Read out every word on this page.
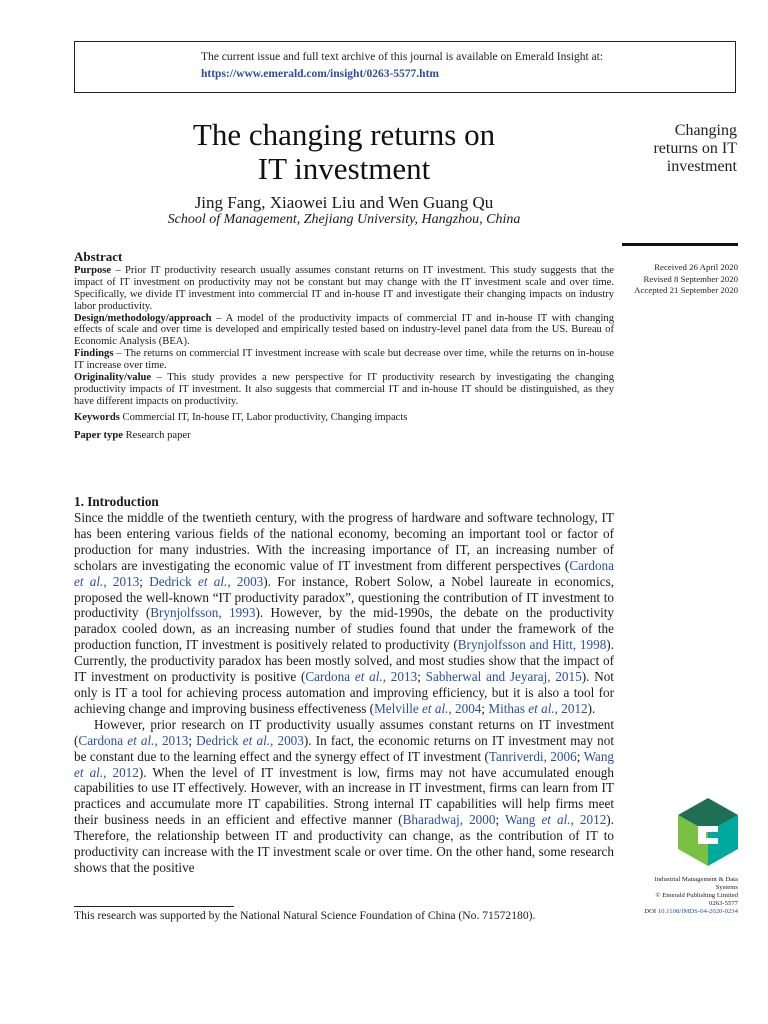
The current issue and full text archive of this journal is available on Emerald Insight at:
https://www.emerald.com/insight/0263-5577.htm
The changing returns on
IT investment
Jing Fang, Xiaowei Liu and Wen Guang Qu
School of Management, Zhejiang University, Hangzhou, China
Changing
returns on IT
investment
Received 26 April 2020
Revised 8 September 2020
Accepted 21 September 2020
Abstract

Purpose – Prior IT productivity research usually assumes constant returns on IT investment. This study suggests that the impact of IT investment on productivity may not be constant but may change with the IT investment scale and over time. Specifically, we divide IT investment into commercial IT and in-house IT and investigate their changing impacts on industry labor productivity.

Design/methodology/approach – A model of the productivity impacts of commercial IT and in-house IT with changing effects of scale and over time is developed and empirically tested based on industry-level panel data from the US. Bureau of Economic Analysis (BEA).

Findings – The returns on commercial IT investment increase with scale but decrease over time, while the returns on in-house IT increase over time.

Originality/value – This study provides a new perspective for IT productivity research by investigating the changing productivity impacts of IT investment. It also suggests that commercial IT and in-house IT should be distinguished, as they have different impacts on productivity.

Keywords Commercial IT, In-house IT, Labor productivity, Changing impacts

Paper type Research paper

1. Introduction

Since the middle of the twentieth century, with the progress of hardware and software technology, IT has been entering various fields of the national economy, becoming an important tool or factor of production for many industries. With the increasing importance of IT, an increasing number of scholars are investigating the economic value of IT investment from different perspectives (Cardona et al., 2013; Dedrick et al., 2003). For instance, Robert Solow, a Nobel laureate in economics, proposed the well-known “IT productivity paradox”, questioning the contribution of IT investment to productivity (Brynjolfsson, 1993). However, by the mid-1990s, the debate on the productivity paradox cooled down, as an increasing number of studies found that under the framework of the production function, IT investment is positively related to productivity (Brynjolfsson and Hitt, 1998). Currently, the productivity paradox has been mostly solved, and most studies show that the impact of IT investment on productivity is positive (Cardona et al., 2013; Sabherwal and Jeyaraj, 2015). Not only is IT a tool for achieving process automation and improving efficiency, but it is also a tool for achieving change and improving business effectiveness (Melville et al., 2004; Mithas et al., 2012).

However, prior research on IT productivity usually assumes constant returns on IT investment (Cardona et al., 2013; Dedrick et al., 2003). In fact, the economic returns on IT investment may not be constant due to the learning effect and the synergy effect of IT investment (Tanriverdi, 2006; Wang et al., 2012). When the level of IT investment is low, firms may not have accumulated enough capabilities to use IT effectively. However, with an increase in IT investment, firms can learn from IT practices and accumulate more IT capabilities. Strong internal IT capabilities will help firms meet their business needs in an efficient and effective manner (Bharadwaj, 2000; Wang et al., 2012). Therefore, the relationship between IT and productivity can change, as the contribution of IT to productivity can increase with the IT investment scale or over time. On the other hand, some research shows that the positive

This research was supported by the National Natural Science Foundation of China (No. 71572180).
Industrial Management & Data
Systems
© Emerald Publishing Limited
0263-5577
DOI 10.1108/IMDS-04-2020-0234
